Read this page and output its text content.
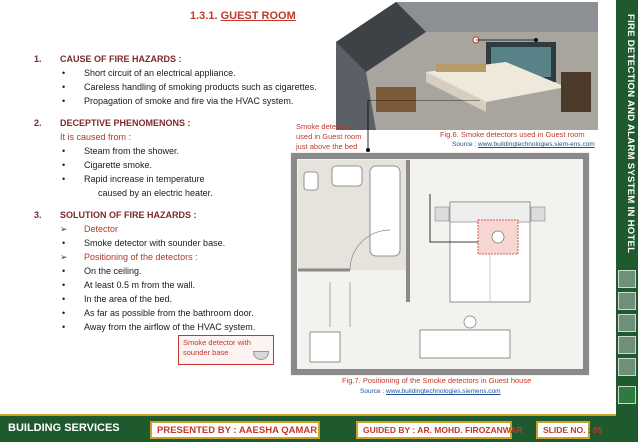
1.3.1. GUEST ROOM
1. CAUSE OF FIRE HAZARDS :
• Short circuit of an electrical appliance.
• Careless handling of smoking products such as cigarettes.
• Propagation of smoke and fire via the HVAC system.
2. DECEPTIVE PHENOMENONS :
It is caused from :
• Steam from the shower.
• Cigarette smoke.
• Rapid increase in temperature
caused by an electric heater.
3. SOLUTION OF FIRE HAZARDS :
➢ Detector
• Smoke detector with sounder base.
➢ Positioning of the detectors :
• On the ceiling.
• At least 0.5 m from the wall.
• In the area of the bed.
• As far as possible from the bathroom door.
• Away from the airflow of the HVAC system.
Smoke detectors used in Guest room just above the bed
Fig.6. Smoke detectors used in Guest room
Source : www.buildingtechnologies.siem-ens.com
Smoke detector with sounder base
Fig.7. Positioning of the Smoke detectors in Guest house
Source : www.buildingtechnologies.siemens.com
FIRE DETECTION AND ALARM SYSTEM IN HOTEL
BUILDING SERVICES	PRESENTED BY : AAESHA QAMAR	GUIDED BY : AR. MOHD. FIROZANWAR	SLIDE NO. : 05
